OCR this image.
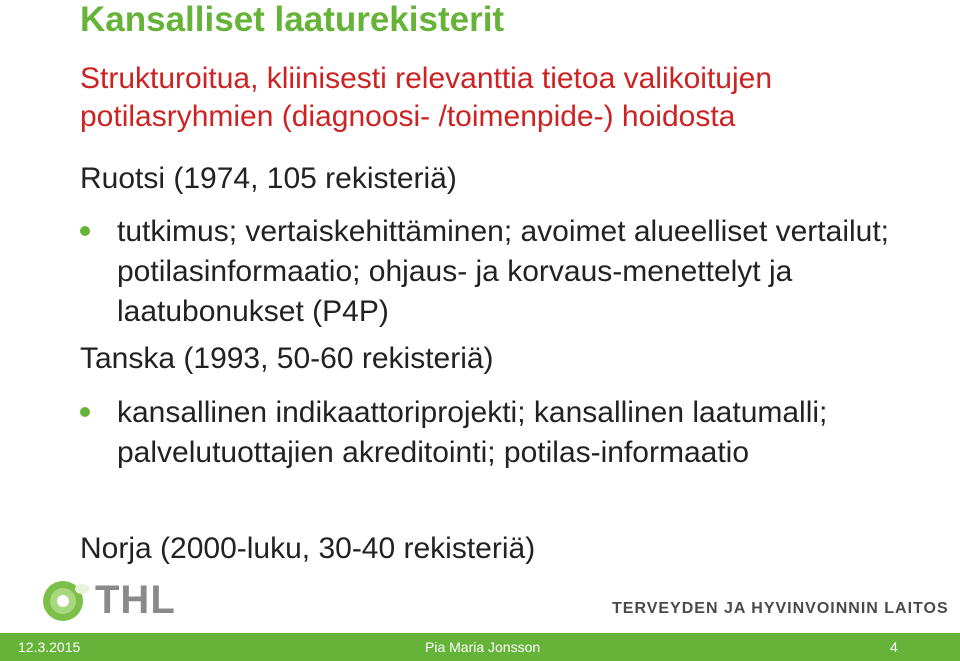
Kansalliset laaturekisterit
Strukturoitua, kliinisesti relevanttia tietoa valikoitujen potilasryhmien (diagnoosi- /toimenpide-) hoidosta
Ruotsi (1974, 105 rekisteriä)
tutkimus; vertaiskehittäminen; avoimet alueelliset vertailut; potilasinformaatio; ohjaus- ja korvaus-menettelyt ja laatubonukset (P4P)
Tanska (1993, 50-60 rekisteriä)
kansallinen indikaattoriprojekti; kansallinen laatumalli; palvelutuottajien akreditointi; potilas-informaatio
Norja (2000-luku, 30-40 rekisteriä)
THL	TERVEYDEN JA HYVINVOINNIN LAITOS
12.3.2015	Pia Maria Jonsson	4
